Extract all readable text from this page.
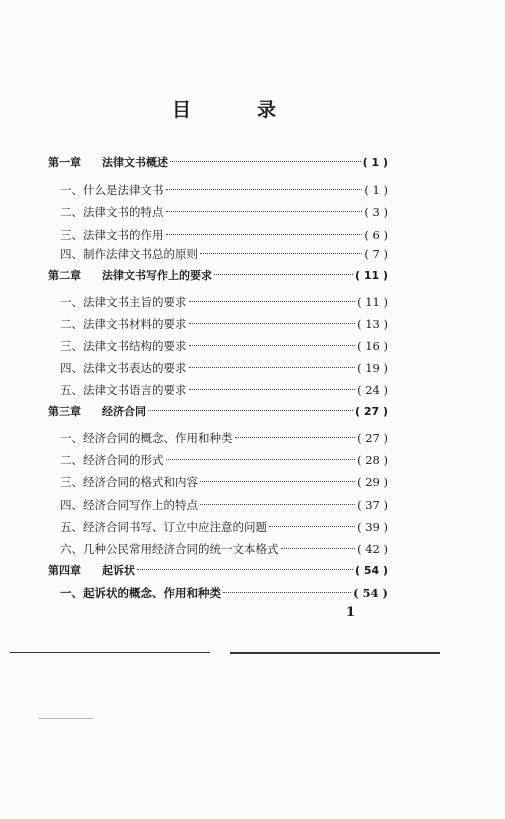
目	录
第一章	法律文书概述	( 1 )
一、什么是法律文书	( 1 )
二、法律文书的特点	( 3 )
三、法律文书的作用	( 6 )
四、制作法律文书总的原则	( 7 )
第二章	法律文书写作上的要求	( 11 )
一、法律文书主旨的要求	( 11 )
二、法律文书材料的要求	( 13 )
三、法律文书结构的要求	( 16 )
四、法律文书表达的要求	( 19 )
五、法律文书语言的要求	( 24 )
第三章	经济合同	( 27 )
一、经济合同的概念、作用和种类	( 27 )
二、经济合同的形式	( 28 )
三、经济合同的格式和内容	( 29 )
四、经济合同写作上的特点	( 37 )
五、经济合同书写、订立中应注意的问题	( 39 )
六、几种公民常用经济合同的统一文本格式	( 42 )
第四章	起诉状	( 54 )
一、起诉状的概念、作用和种类	( 54 )
1
